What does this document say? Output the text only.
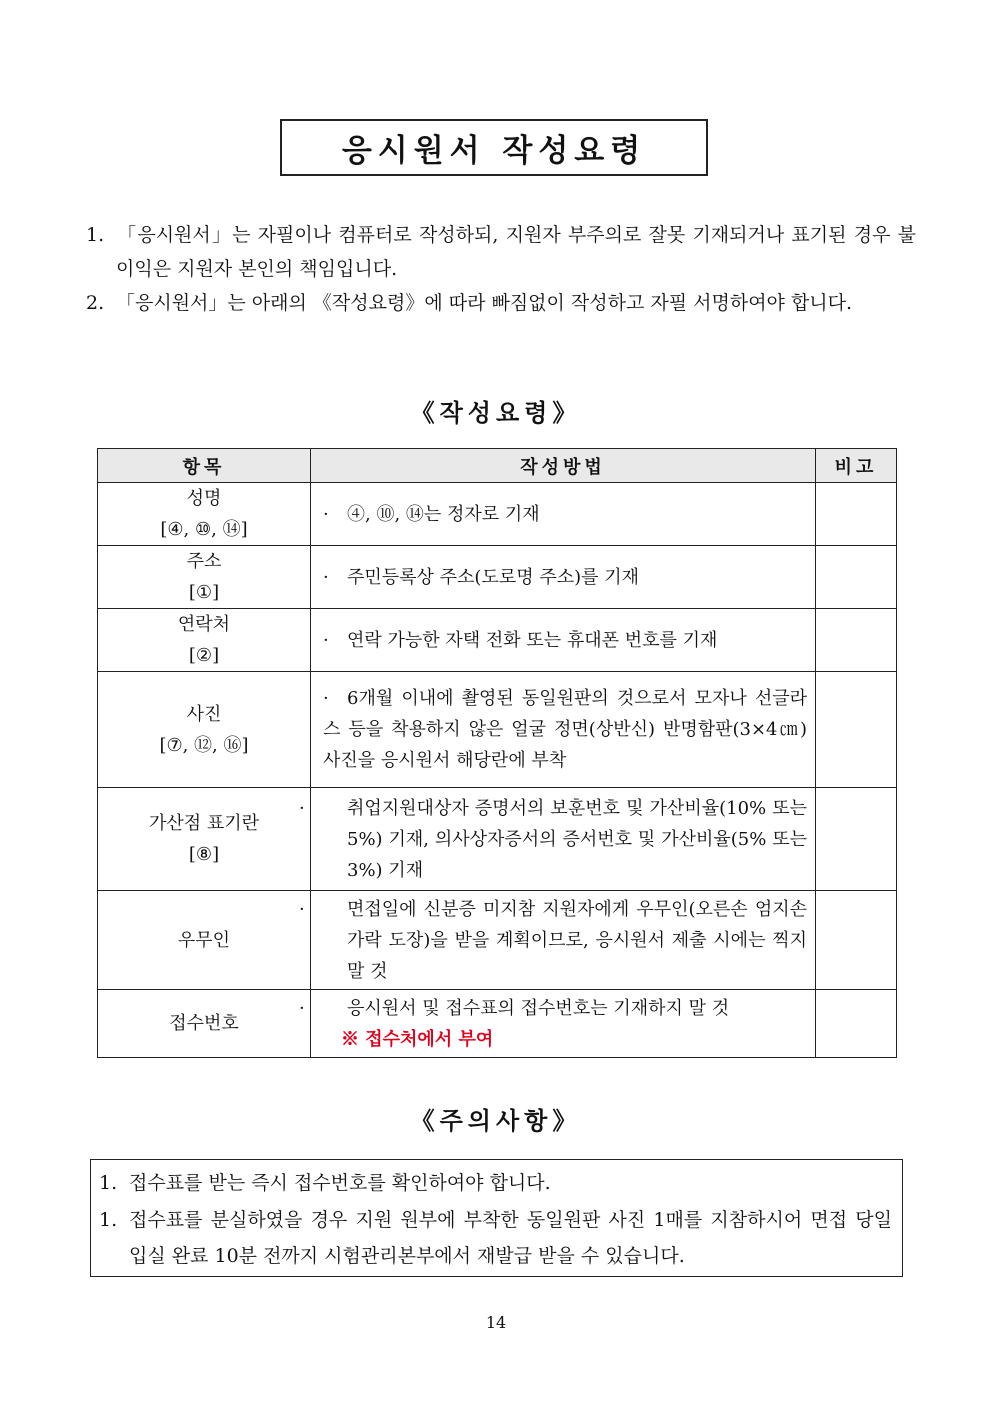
응시원서 작성요령

1. 「응시원서」는 자필이나 컴퓨터로 작성하되, 지원자 부주의로 잘못 기재되거나 표기된 경우 불이익은 지원자 본인의 책임입니다.

2. 「응시원서」는 아래의 《작성요령》에 따라 빠짐없이 작성하고 자필 서명하여야 합니다.

《작성요령》
항목	작성방법	비고

성명
[④, ⑩, ⑭]	· ④, ⑩, ⑭는 정자로 기재	

주소
[①]	· 주민등록상 주소(도로명 주소)를 기재	

연락처
[②]	· 연락 가능한 자택 전화 또는 휴대폰 번호를 기재	

사진
[⑦, ⑫, ⑯]	· 6개월 이내에 촬영된 동일원판의 것으로서 모자나 선글라스 등을 착용하지 않은 얼굴 정면(상반신) 반명함판(3×4㎝) 사진을 응시원서 해당란에 부착	

가산점 표기란
[⑧]	· 취업지원대상자 증명서의 보훈번호 및 가산비율(10% 또는 5%) 기재, 의사상자증서의 증서번호 및 가산비율(5% 또는 3%) 기재	

우무인	· 면접일에 신분증 미지참 지원자에게 우무인(오른손 엄지손가락 도장)을 받을 계획이므로, 응시원서 제출 시에는 찍지 말 것	

접수번호	· 응시원서 및 접수표의 접수번호는 기재하지 말 것
※ 접수처에서 부여	

《주의사항》

1. 접수표를 받는 즉시 접수번호를 확인하여야 합니다.

1. 접수표를 분실하였을 경우 지원 원부에 부착한 동일원판 사진 1매를 지참하시어 면접 당일 입실 완료 10분 전까지 시험관리본부에서 재발급 받을 수 있습니다.

14
